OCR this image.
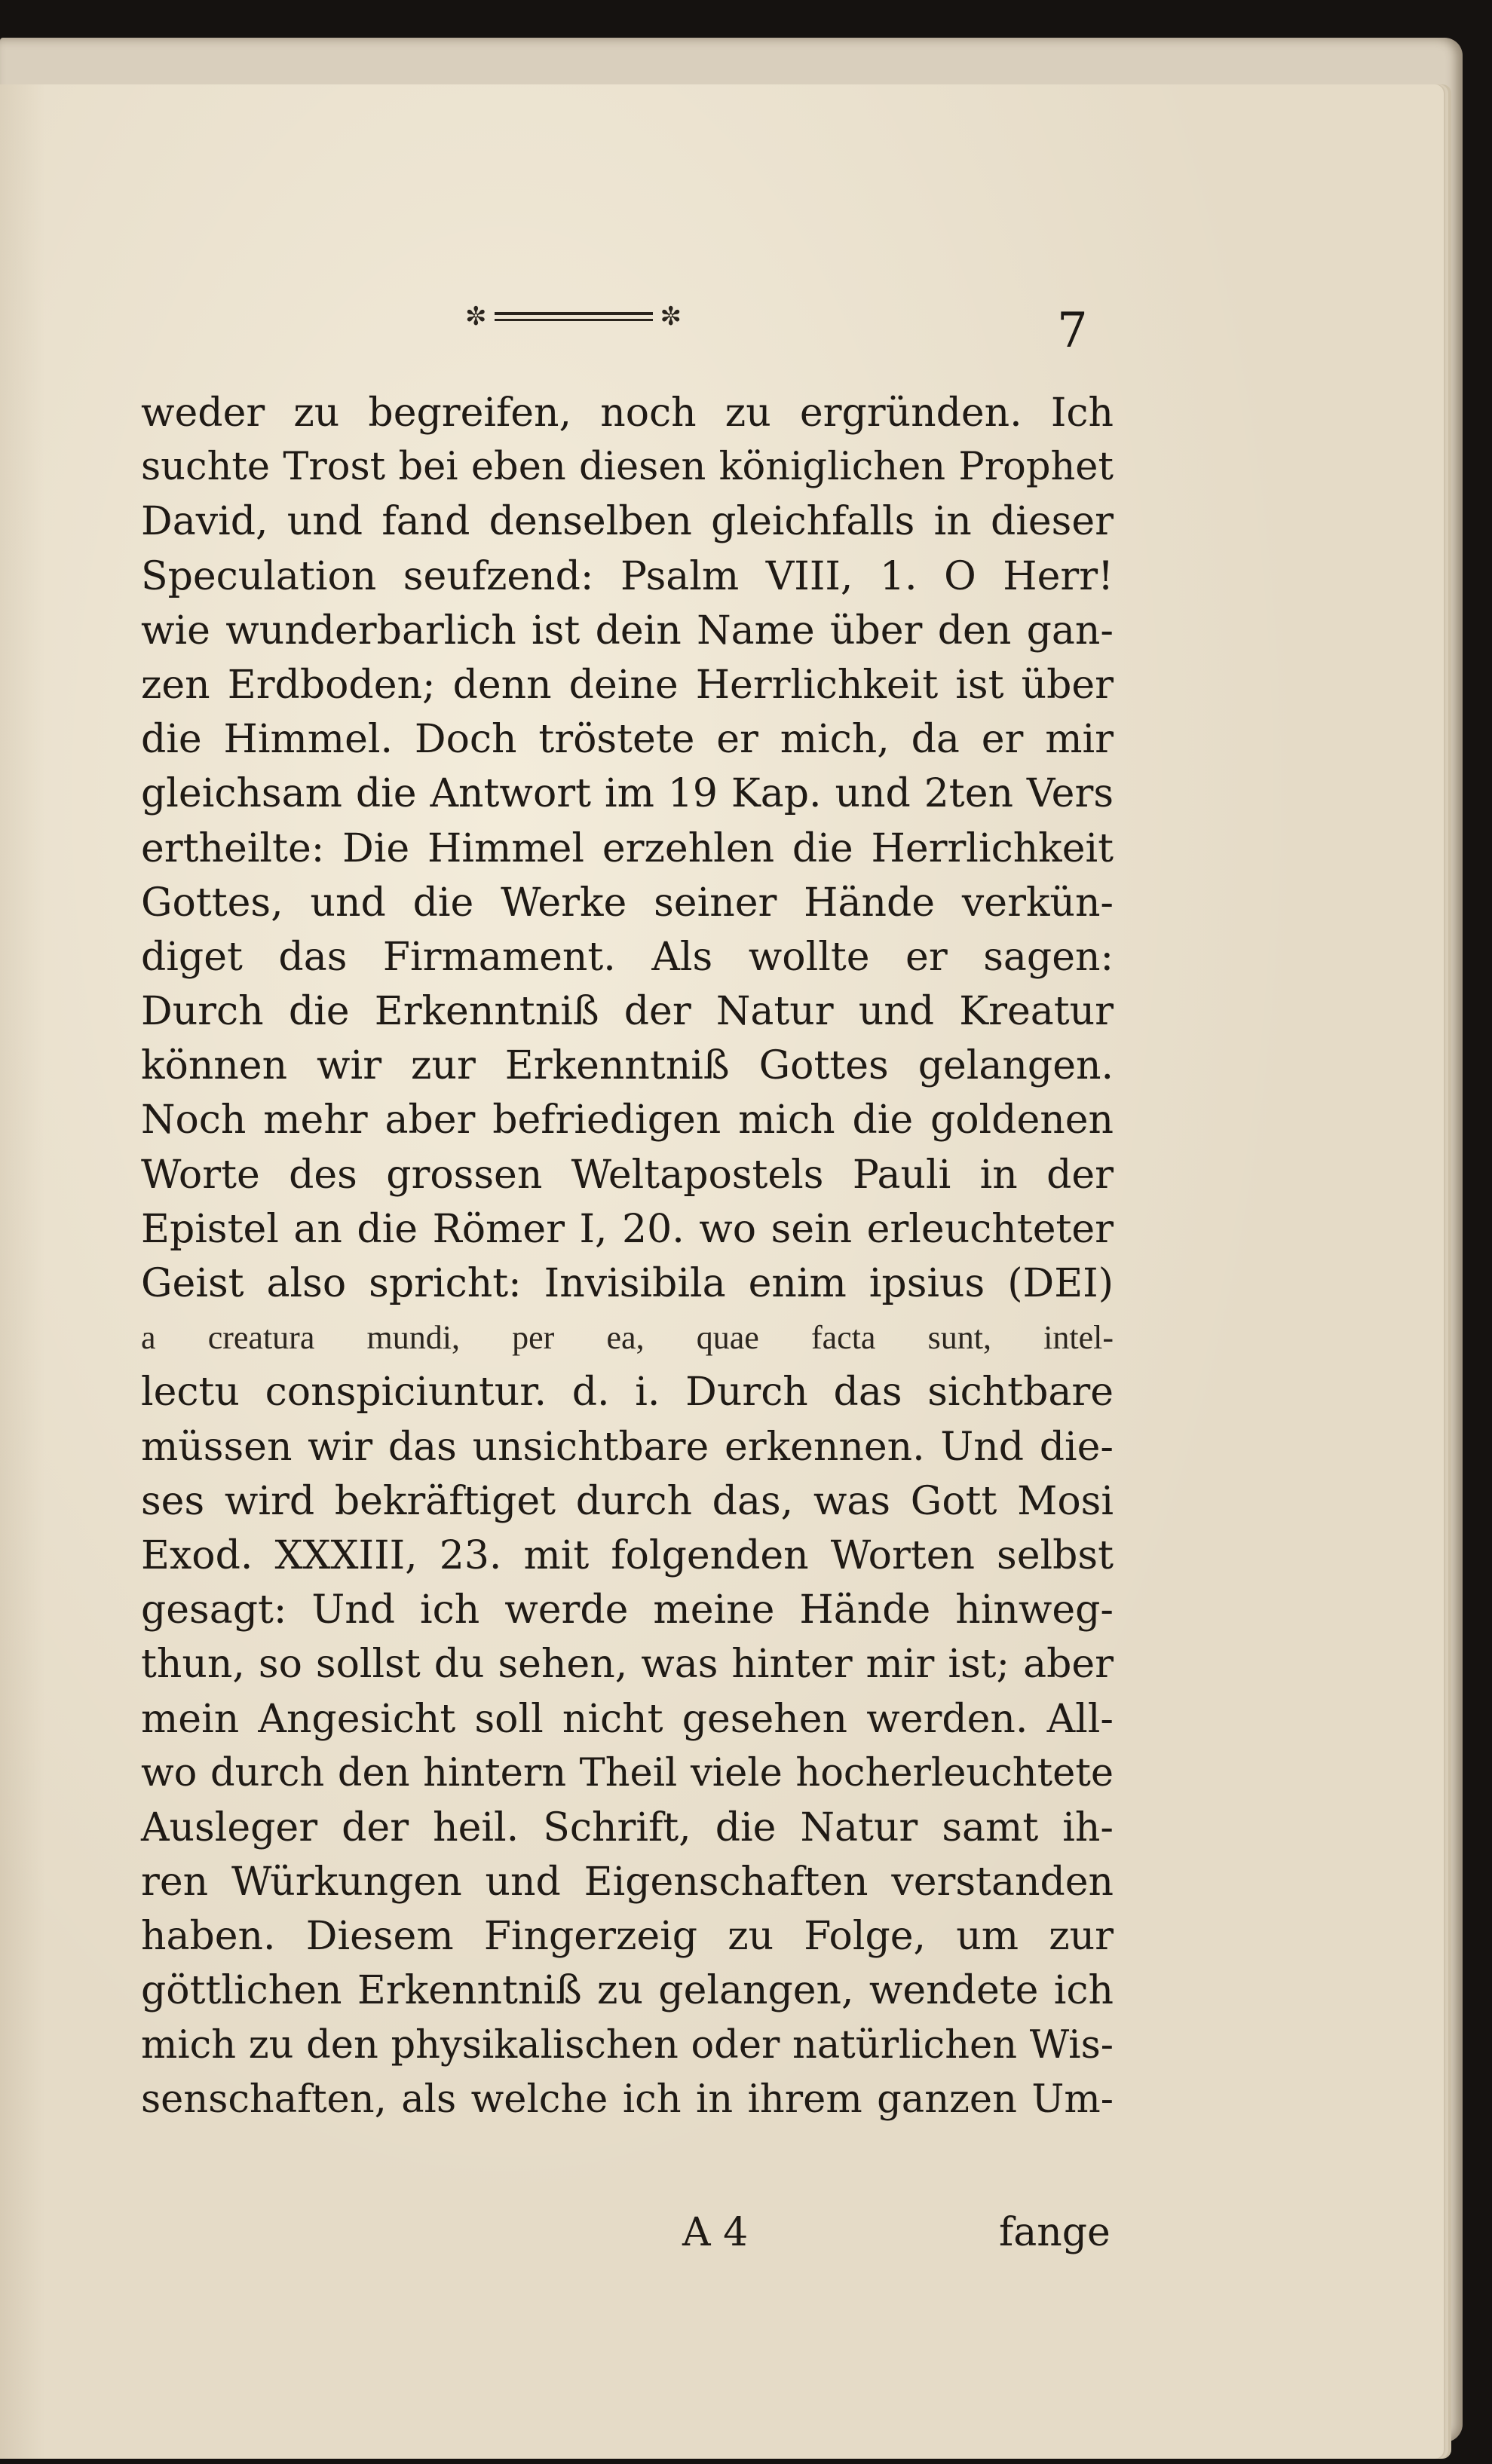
✼	✼	7

weder zu begreifen, noch zu ergründen. Ich
suchte Trost bei eben diesen königlichen Prophet
David, und fand denselben gleichfalls in dieser
Speculation seufzend: Psalm VIII, 1. O Herr!
wie wunderbarlich ist dein Name über den gan-
zen Erdboden; denn deine Herrlichkeit ist über
die Himmel. Doch tröstete er mich, da er mir
gleichsam die Antwort im 19 Kap. und 2ten Vers
ertheilte: Die Himmel erzehlen die Herrlichkeit
Gottes, und die Werke seiner Hände verkün-
diget das Firmament. Als wollte er sagen:
Durch die Erkenntniß der Natur und Kreatur
können wir zur Erkenntniß Gottes gelangen.
Noch mehr aber befriedigen mich die goldenen
Worte des grossen Weltapostels Pauli in der
Epistel an die Römer I, 20. wo sein erleuchteter
Geist also spricht: Invisibila enim ipsius (DEI)
a creatura mundi, per ea, quae facta sunt, intel-
lectu conspiciuntur. d. i. Durch das sichtbare
müssen wir das unsichtbare erkennen. Und die-
ses wird bekräftiget durch das, was Gott Mosi
Exod. XXXIII, 23. mit folgenden Worten selbst
gesagt: Und ich werde meine Hände hinweg-
thun, so sollst du sehen, was hinter mir ist; aber
mein Angesicht soll nicht gesehen werden. All-
wo durch den hintern Theil viele hocherleuchtete
Ausleger der heil. Schrift, die Natur samt ih-
ren Würkungen und Eigenschaften verstanden
haben. Diesem Fingerzeig zu Folge, um zur
göttlichen Erkenntniß zu gelangen, wendete ich
mich zu den physikalischen oder natürlichen Wis-
senschaften, als welche ich in ihrem ganzen Um-

A 4	fange
